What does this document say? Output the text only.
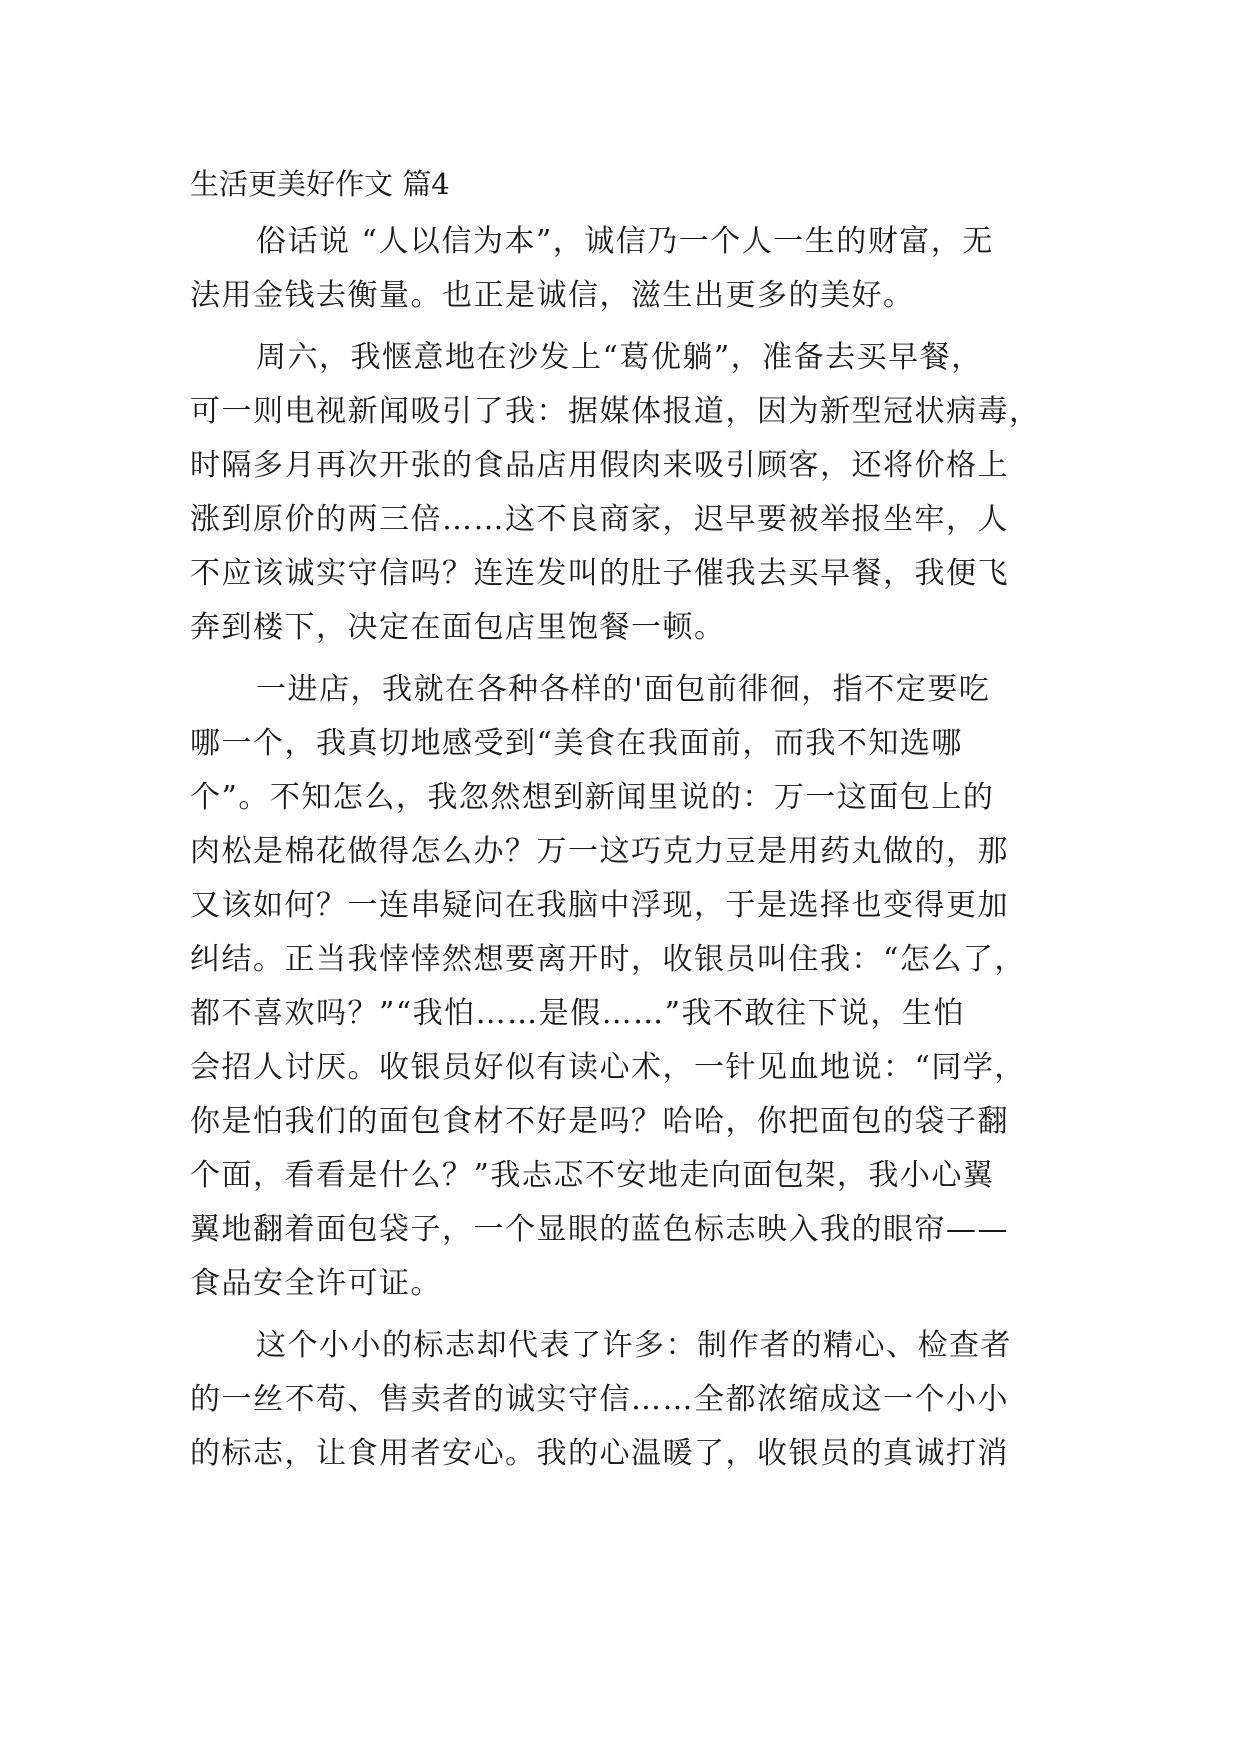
生活更美好作文 篇4
俗话说 “人以信为本”，诚信乃一个人一生的财富，无
法用金钱去衡量。也正是诚信，滋生出更多的美好。
周六，我惬意地在沙发上“葛优躺”，准备去买早餐，
可一则电视新闻吸引了我：据媒体报道，因为新型冠状病毒，
时隔多月再次开张的食品店用假肉来吸引顾客，还将价格上
涨到原价的两三倍……这不良商家，迟早要被举报坐牢，人
不应该诚实守信吗？连连发叫的肚子催我去买早餐，我便飞
奔到楼下，决定在面包店里饱餐一顿。
一进店，我就在各种各样的'面包前徘徊，指不定要吃
哪一个，我真切地感受到“美食在我面前，而我不知选哪
个”。不知怎么，我忽然想到新闻里说的：万一这面包上的
肉松是棉花做得怎么办？万一这巧克力豆是用药丸做的，那
又该如何？一连串疑问在我脑中浮现，于是选择也变得更加
纠结。正当我悻悻然想要离开时，收银员叫住我：“怎么了，
都不喜欢吗？”“我怕……是假……”我不敢往下说，生怕
会招人讨厌。收银员好似有读心术，一针见血地说：“同学，
你是怕我们的面包食材不好是吗？哈哈，你把面包的袋子翻
个面，看看是什么？”我忐忑不安地走向面包架，我小心翼
翼地翻着面包袋子，一个显眼的蓝色标志映入我的眼帘——
食品安全许可证。
这个小小的标志却代表了许多：制作者的精心、检查者
的一丝不苟、售卖者的诚实守信……全都浓缩成这一个小小
的标志，让食用者安心。我的心温暖了，收银员的真诚打消
